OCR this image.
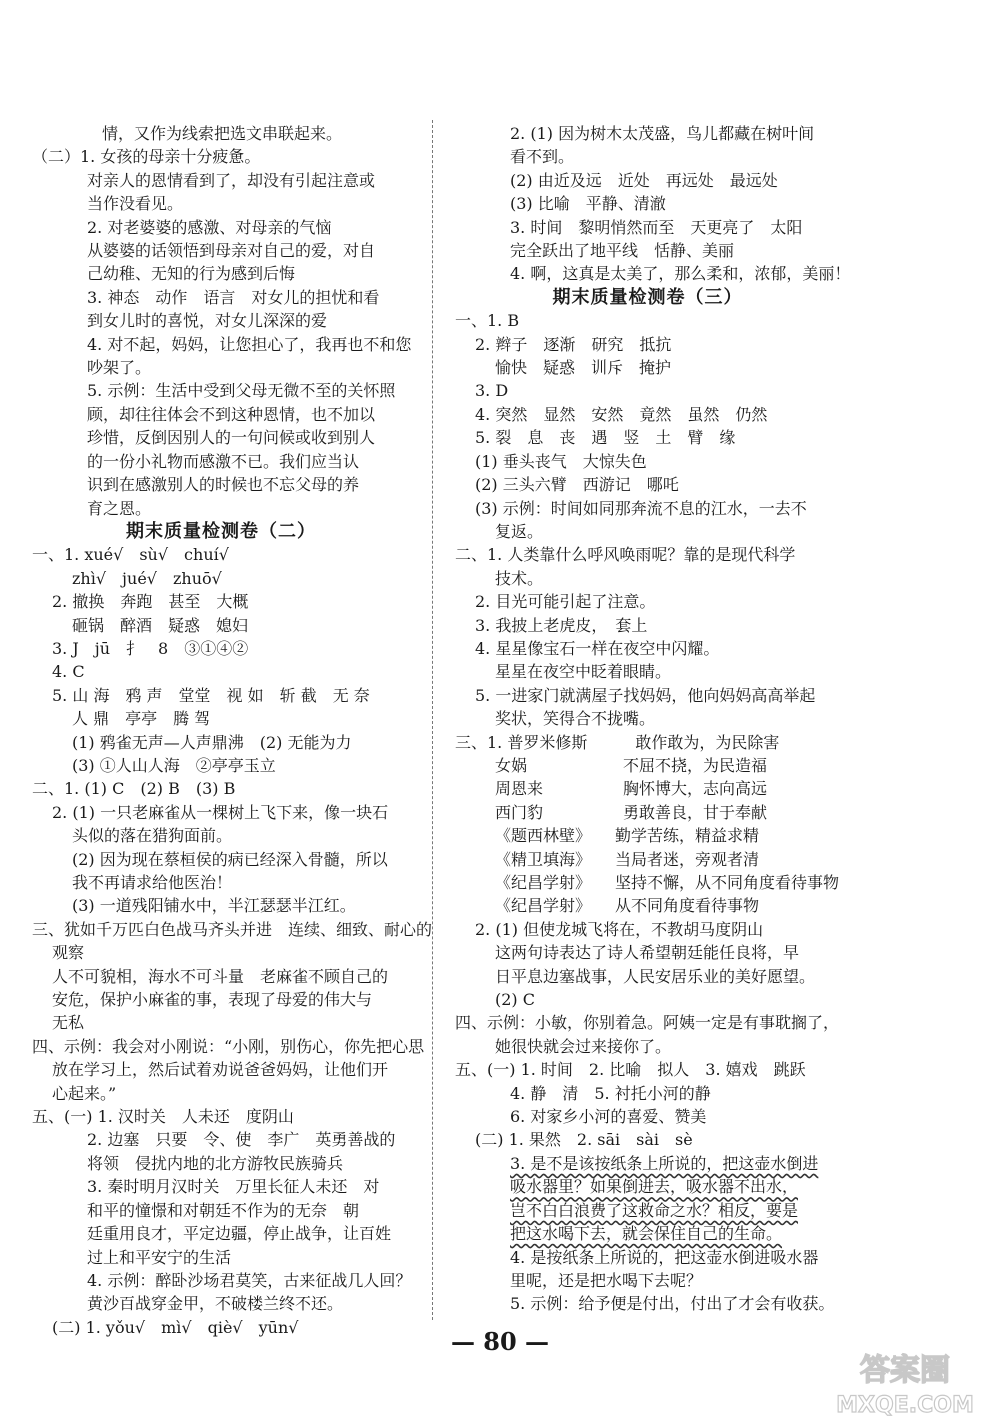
情，又作为线索把选文串联起来。
（二）1. 女孩的母亲十分疲惫。
对亲人的恩情看到了，却没有引起注意或
当作没看见。
2. 对老婆婆的感激、对母亲的气恼
从婆婆的话领悟到母亲对自己的爱，对自
己幼稚、无知的行为感到后悔
3. 神态　动作　语言　对女儿的担忧和看
到女儿时的喜悦，对女儿深深的爱
4. 对不起，妈妈，让您担心了，我再也不和您
吵架了。
5. 示例：生活中受到父母无微不至的关怀照
顾，却往往体会不到这种恩情，也不加以
珍惜，反倒因别人的一句问候或收到别人
的一份小礼物而感激不已。我们应当认
识到在感激别人的时候也不忘父母的养
育之恩。
期末质量检测卷（二）
一、1. xué√　sù√　chuí√
zhì√　jué√　zhuō√
2. 撤换　奔跑　甚至　大概
砸锅　醉酒　疑惑　媳妇
3. J　jū　扌　8　③①④②
4. C
5. 山 海　鸦 声　堂堂　视 如　斩 截　无 奈
人 鼎　亭亭　腾 驾
(1) 鸦雀无声—人声鼎沸　(2) 无能为力
(3) ①人山人海　②亭亭玉立
二、1. (1) C　(2) B　(3) B
2. (1) 一只老麻雀从一棵树上飞下来，像一块石
头似的落在猎狗面前。
(2) 因为现在蔡桓侯的病已经深入骨髓，所以
我不再请求给他医治！
(3) 一道残阳铺水中，半江瑟瑟半江红。
三、犹如千万匹白色战马齐头并进　连续、细致、耐心的
观察
人不可貌相，海水不可斗量　老麻雀不顾自己的
安危，保护小麻雀的事，表现了母爱的伟大与
无私
四、示例：我会对小刚说：“小刚，别伤心，你先把心思
放在学习上，然后试着劝说爸爸妈妈，让他们开
心起来。”
五、(一) 1. 汉时关　人未还　度阴山
2. 边塞　只要　令、使　李广　英勇善战的
将领　侵扰内地的北方游牧民族骑兵
3. 秦时明月汉时关　万里长征人未还　对
和平的憧憬和对朝廷不作为的无奈　朝
廷重用良才，平定边疆，停止战争，让百姓
过上和平安宁的生活
4. 示例：醉卧沙场君莫笑，古来征战几人回？
黄沙百战穿金甲，不破楼兰终不还。
(二) 1. yǒu√　mì√　qiè√　yūn√
2. (1) 因为树木太茂盛，鸟儿都藏在树叶间
看不到。
(2) 由近及远　近处　再远处　最远处
(3) 比喻　平静、清澈
3. 时间　黎明悄然而至　天更亮了　太阳
完全跃出了地平线　恬静、美丽
4. 啊，这真是太美了，那么柔和，浓郁，美丽！
期末质量检测卷（三）
一、1. B
2. 辫子　逐渐　研究　抵抗
愉快　疑惑　训斥　掩护
3. D
4. 突然　显然　安然　竟然　虽然　仍然
5. 裂　息　丧　遇　竖　土　臂　缘
(1) 垂头丧气　大惊失色
(2) 三头六臂　西游记　哪吒
(3) 示例：时间如同那奔流不息的江水，一去不
复返。
二、1. 人类靠什么呼风唤雨呢？靠的是现代科学
技术。
2. 目光可能引起了注意。
3. 我披上老虎皮，　套上
4. 星星像宝石一样在夜空中闪耀。
星星在夜空中眨着眼睛。
5. 一进家门就满屋子找妈妈，他向妈妈高高举起
奖状，笑得合不拢嘴。
三、1. 普罗米修斯　　　敢作敢为，为民除害
女娲　　　　　　不屈不挠，为民造福
周恩来　　　　　胸怀博大，志向高远
西门豹　　　　　勇敢善良，甘于奉献
《题西林壁》　　勤学苦练，精益求精
《精卫填海》　　当局者迷，旁观者清
《纪昌学射》　　坚持不懈，从不同角度看待事物
《纪昌学射》　　从不同角度看待事物
2. (1) 但使龙城飞将在，不教胡马度阴山
这两句诗表达了诗人希望朝廷能任良将，早
日平息边塞战事，人民安居乐业的美好愿望。
(2) C
四、示例：小敏，你别着急。阿姨一定是有事耽搁了，
她很快就会过来接你了。
五、(一) 1. 时间　2. 比喻　拟人　3. 嬉戏　跳跃
4. 静　清　5. 衬托小河的静
6. 对家乡小河的喜爱、赞美
(二) 1. 果然　2. sāi　sài　sè
3. 是不是该按纸条上所说的，把这壶水倒进
吸水器里？如果倒进去，吸水器不出水，
岂不白白浪费了这救命之水？相反，要是
把这水喝下去，就会保住自己的生命。
4. 是按纸条上所说的，把这壶水倒进吸水器
里呢，还是把水喝下去呢？
5. 示例：给予便是付出，付出了才会有收获。
— 80 —
答案圈
MXQE.COM
